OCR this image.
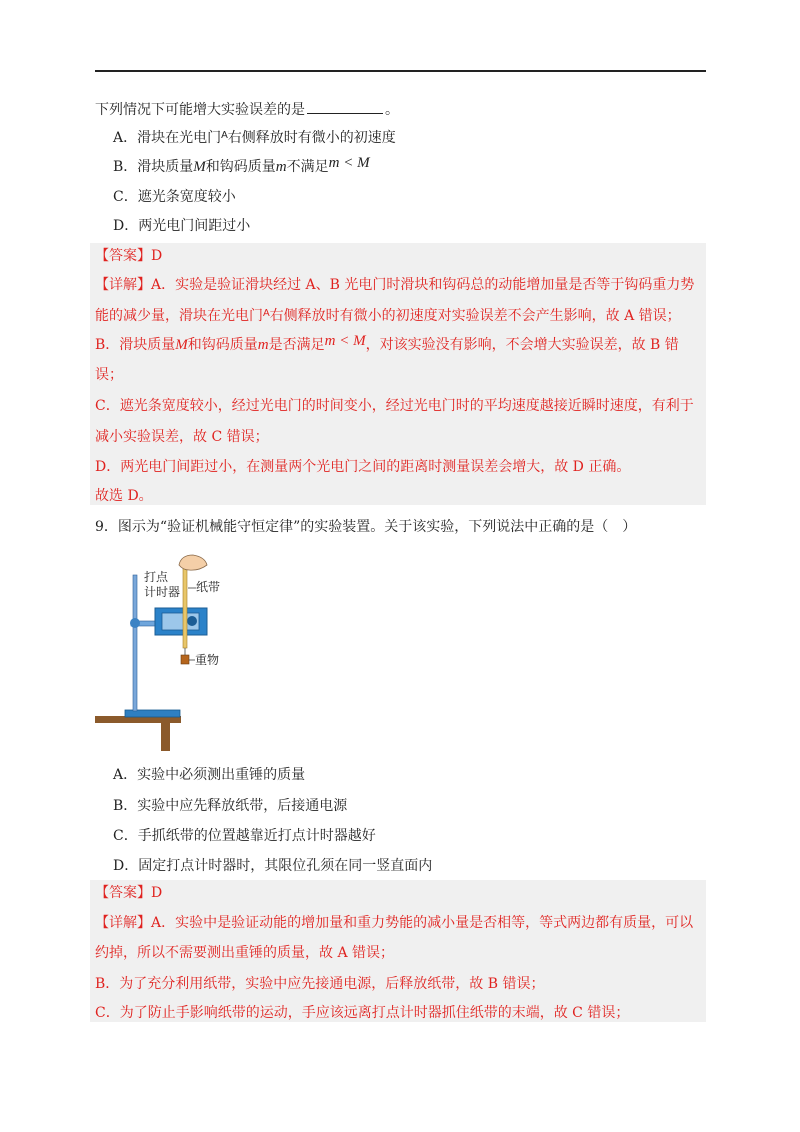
下列情况下可能增大实验误差的是	。
A．滑块在光电门$^A$右侧释放时有微小的初速度
B．滑块质量M和钩码质量m不满足m < M
C．遮光条宽度较小
D．两光电门间距过小
【答案】D
【详解】A．实验是验证滑块经过 A、B 光电门时滑块和钩码总的动能增加量是否等于钩码重力势
能的减少量，滑块在光电门$^A$右侧释放时有微小的初速度对实验误差不会产生影响，故 A 错误；
B．滑块质量M和钩码质量m是否满足m < M，对该实验没有影响，不会增大实验误差，故 B 错
误；
C．遮光条宽度较小，经过光电门的时间变小，经过光电门时的平均速度越接近瞬时速度，有利于
减小实验误差，故 C 错误；
D．两光电门间距过小，在测量两个光电门之间的距离时测量误差会增大，故 D 正确。
故选 D。
9．图示为“验证机械能守恒定律”的实验装置。关于该实验，下列说法中正确的是（　）
打点
计时器 纸带
重物
A．实验中必须测出重锤的质量
B．实验中应先释放纸带，后接通电源
C．手抓纸带的位置越靠近打点计时器越好
D．固定打点计时器时，其限位孔须在同一竖直面内
【答案】D
【详解】A．实验中是验证动能的增加量和重力势能的减小量是否相等，等式两边都有质量，可以
约掉，所以不需要测出重锤的质量，故 A 错误；
B．为了充分利用纸带，实验中应先接通电源，后释放纸带，故 B 错误；
C．为了防止手影响纸带的运动，手应该远离打点计时器抓住纸带的末端，故 C 错误；
